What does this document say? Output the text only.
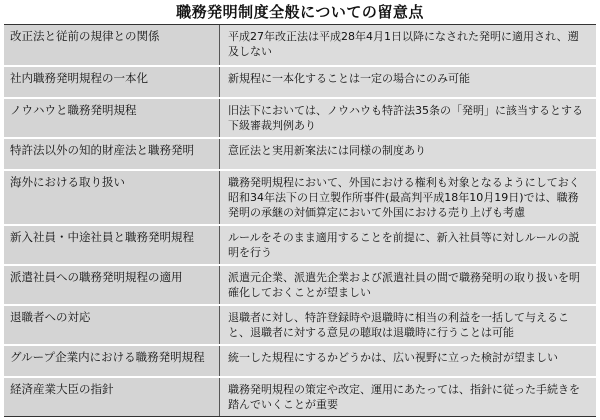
職務発明制度全般についての留意点
改正法と従前の規律との関係	平成27年改正法は平成28年4月1日以降になされた発明に適用され、遡及しない
社内職務発明規程の一本化	新規程に一本化することは一定の場合にのみ可能
ノウハウと職務発明規程	旧法下においては、ノウハウも特許法35条の「発明」に該当するとする下級審裁判例あり
特許法以外の知的財産法と職務発明	意匠法と実用新案法には同様の制度あり
海外における取り扱い	職務発明規程において、外国における権利も対象となるようにしておく昭和34年法下の日立製作所事件(最高判平成18年10月19日)では、職務発明の承継の対価算定において外国における売り上げも考慮
新入社員・中途社員と職務発明規程	ルールをそのまま適用することを前提に、新入社員等に対しルールの説明を行う
派遣社員への職務発明規程の適用	派遣元企業、派遣先企業および派遣社員の間で職務発明の取り扱いを明確化しておくことが望ましい
退職者への対応	退職者に対し、特許登録時や退職時に相当の利益を一括して与えること、退職者に対する意見の聴取は退職時に行うことは可能
グループ企業内における職務発明規程	統一した規程にするかどうかは、広い視野に立った検討が望ましい
経済産業大臣の指針	職務発明規程の策定や改定、運用にあたっては、指針に従った手続きを踏んでいくことが重要
